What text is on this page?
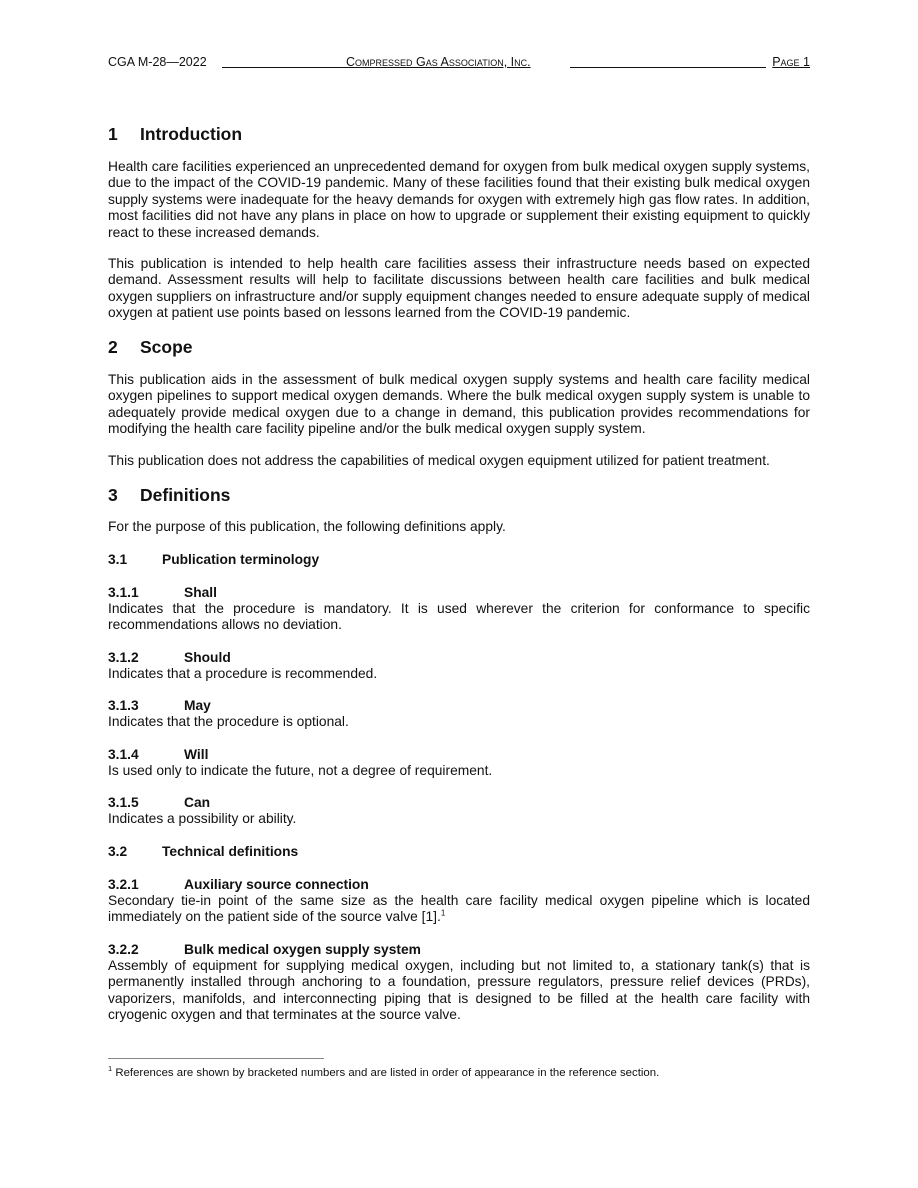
CGA M-28—2022	Compressed Gas Association, Inc.	Page 1
1 Introduction

Health care facilities experienced an unprecedented demand for oxygen from bulk medical oxygen supply systems, due to the impact of the COVID-19 pandemic. Many of these facilities found that their existing bulk medical oxygen supply systems were inadequate for the heavy demands for oxygen with extremely high gas flow rates. In addition, most facilities did not have any plans in place on how to upgrade or supplement their existing equipment to quickly react to these increased demands.

This publication is intended to help health care facilities assess their infrastructure needs based on expected demand. Assessment results will help to facilitate discussions between health care facilities and bulk medical oxygen suppliers on infrastructure and/or supply equipment changes needed to ensure adequate supply of medical oxygen at patient use points based on lessons learned from the COVID-19 pandemic.

2 Scope

This publication aids in the assessment of bulk medical oxygen supply systems and health care facility medical oxygen pipelines to support medical oxygen demands. Where the bulk medical oxygen supply system is unable to adequately provide medical oxygen due to a change in demand, this publication provides recommendations for modifying the health care facility pipeline and/or the bulk medical oxygen supply system.

This publication does not address the capabilities of medical oxygen equipment utilized for patient treatment.

3 Definitions

For the purpose of this publication, the following definitions apply.

3.1	Publication terminology
3.1.1	Shall

Indicates that the procedure is mandatory. It is used wherever the criterion for conformance to specific recommendations allows no deviation.

3.1.2	Should

Indicates that a procedure is recommended.

3.1.3	May

Indicates that the procedure is optional.

3.1.4	Will

Is used only to indicate the future, not a degree of requirement.

3.1.5	Can

Indicates a possibility or ability.

3.2	Technical definitions
3.2.1	Auxiliary source connection

Secondary tie-in point of the same size as the health care facility medical oxygen pipeline which is located immediately on the patient side of the source valve [1].$^1$

3.2.2	Bulk medical oxygen supply system

Assembly of equipment for supplying medical oxygen, including but not limited to, a stationary tank(s) that is permanently installed through anchoring to a foundation, pressure regulators, pressure relief devices (PRDs), vaporizers, manifolds, and interconnecting piping that is designed to be filled at the health care facility with cryogenic oxygen and that terminates at the source valve.

$^1$ References are shown by bracketed numbers and are listed in order of appearance in the reference section.
